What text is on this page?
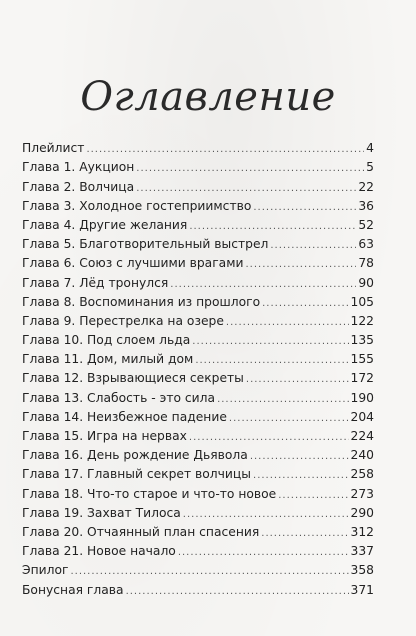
Оглавление
Плейлист .....	4
Глава 1. Аукцион .....	5
Глава 2. Волчица .....	22
Глава 3. Холодное гостеприимство .....	36
Глава 4. Другие желания .....	52
Глава 5. Благотворительный выстрел .....	63
Глава 6. Союз с лучшими врагами .....	78
Глава 7. Лёд тронулся .....	90
Глава 8. Воспоминания из прошлого .....	105
Глава 9. Перестрелка на озере .....	122
Глава 10. Под слоем льда .....	135
Глава 11. Дом, милый дом .....	155
Глава 12. Взрывающиеся секреты .....	172
Глава 13. Слабость - это сила .....	190
Глава 14. Неизбежное падение .....	204
Глава 15. Игра на нервах .....	224
Глава 16. День рождение Дьявола .....	240
Глава 17. Главный секрет волчицы .....	258
Глава 18. Что-то старое и что-то новое .....	273
Глава 19. Захват Тилоса .....	290
Глава 20. Отчаянный план спасения .....	312
Глава 21. Новое начало .....	337
Эпилог .....	358
Бонусная глава .....	371
